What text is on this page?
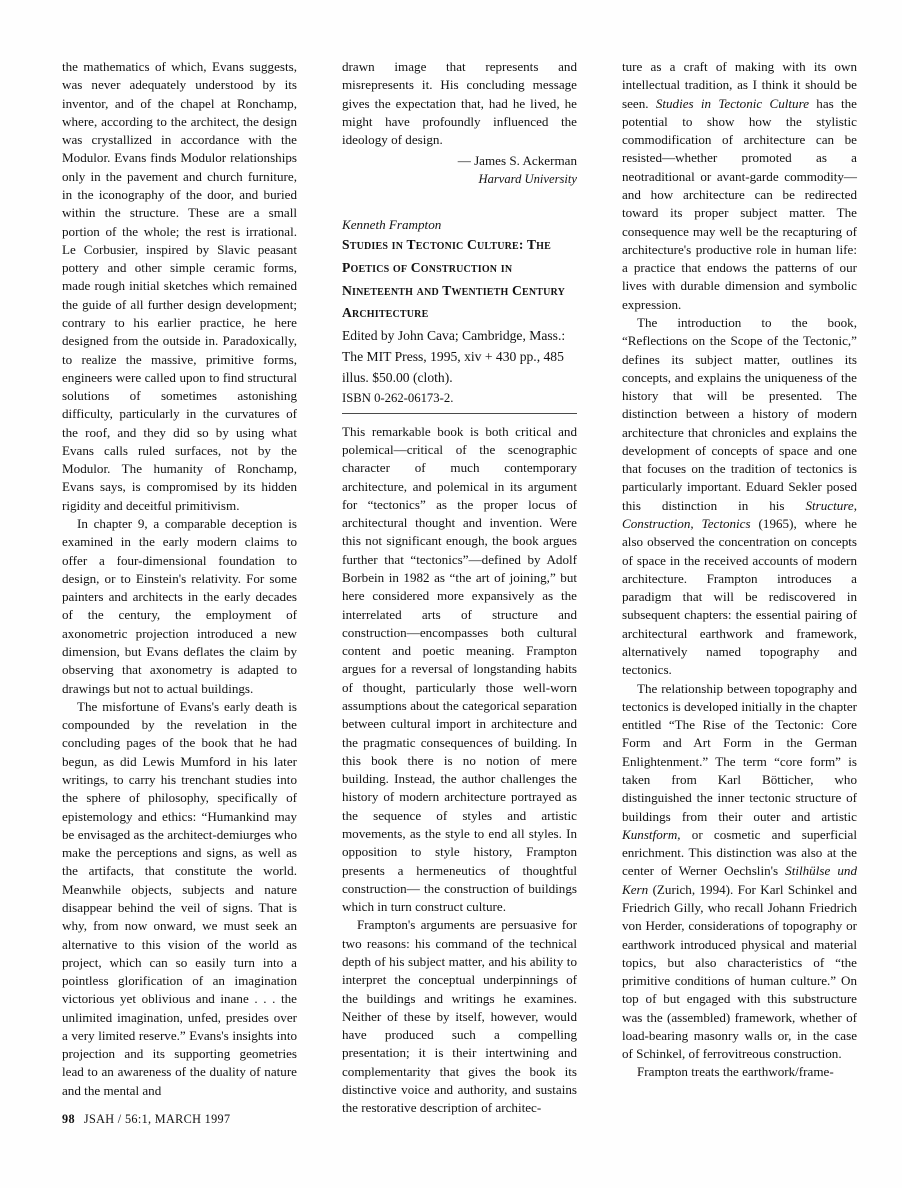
the mathematics of which, Evans suggests, was never adequately understood by its inventor, and of the chapel at Ronchamp, where, according to the architect, the design was crystallized in accordance with the Modulor. Evans finds Modulor relationships only in the pavement and church furniture, in the iconography of the door, and buried within the structure. These are a small portion of the whole; the rest is irrational. Le Corbusier, inspired by Slavic peasant pottery and other simple ceramic forms, made rough initial sketches which remained the guide of all further design development; contrary to his earlier practice, he here designed from the outside in. Paradoxically, to realize the massive, primitive forms, engineers were called upon to find structural solutions of sometimes astonishing difficulty, particularly in the curvatures of the roof, and they did so by using what Evans calls ruled surfaces, not by the Modulor. The humanity of Ronchamp, Evans says, is compromised by its hidden rigidity and deceitful primitivism.

In chapter 9, a comparable deception is examined in the early modern claims to offer a four-dimensional foundation to design, or to Einstein's relativity. For some painters and architects in the early decades of the century, the employment of axonometric projection introduced a new dimension, but Evans deflates the claim by observing that axonometry is adapted to drawings but not to actual buildings.

The misfortune of Evans's early death is compounded by the revelation in the concluding pages of the book that he had begun, as did Lewis Mumford in his later writings, to carry his trenchant studies into the sphere of philosophy, specifically of epistemology and ethics: “Humankind may be envisaged as the architect-demiurges who make the perceptions and signs, as well as the artifacts, that constitute the world. Meanwhile objects, subjects and nature disappear behind the veil of signs. That is why, from now onward, we must seek an alternative to this vision of the world as project, which can so easily turn into a pointless glorification of an imagination victorious yet oblivious and inane . . . the unlimited imagination, unfed, presides over a very limited reserve.” Evans's insights into projection and its supporting geometries lead to an awareness of the duality of nature and the mental and

drawn image that represents and misrepresents it. His concluding message gives the expectation that, had he lived, he might have profoundly influenced the ideology of design.

— James S. Ackerman
Harvard University
Kenneth Frampton
Studies in Tectonic Culture: The Poetics of Construction in Nineteenth and Twentieth Century Architecture
Edited by John Cava; Cambridge, Mass.: The MIT Press, 1995, xiv + 430 pp., 485 illus. $50.00 (cloth).
ISBN 0-262-06173-2.

This remarkable book is both critical and polemical—critical of the scenographic character of much contemporary architecture, and polemical in its argument for “tectonics” as the proper locus of architectural thought and invention. Were this not significant enough, the book argues further that “tectonics”—defined by Adolf Borbein in 1982 as “the art of joining,” but here considered more expansively as the interrelated arts of structure and construction—encompasses both cultural content and poetic meaning. Frampton argues for a reversal of longstanding habits of thought, particularly those well-worn assumptions about the categorical separation between cultural import in architecture and the pragmatic consequences of building. In this book there is no notion of mere building. Instead, the author challenges the history of modern architecture portrayed as the sequence of styles and artistic movements, as the style to end all styles. In opposition to style history, Frampton presents a hermeneutics of thoughtful construction— the construction of buildings which in turn construct culture.

Frampton's arguments are persuasive for two reasons: his command of the technical depth of his subject matter, and his ability to interpret the conceptual underpinnings of the buildings and writings he examines. Neither of these by itself, however, would have produced such a compelling presentation; it is their intertwining and complementarity that gives the book its distinctive voice and authority, and sustains the restorative description of architec-

ture as a craft of making with its own intellectual tradition, as I think it should be seen. Studies in Tectonic Culture has the potential to show how the stylistic commodification of architecture can be resisted—whether promoted as a neotraditional or avant-garde commodity—and how architecture can be redirected toward its proper subject matter. The consequence may well be the recapturing of architecture's productive role in human life: a practice that endows the patterns of our lives with durable dimension and symbolic expression.

The introduction to the book, “Reflections on the Scope of the Tectonic,” defines its subject matter, outlines its concepts, and explains the uniqueness of the history that will be presented. The distinction between a history of modern architecture that chronicles and explains the development of concepts of space and one that focuses on the tradition of tectonics is particularly important. Eduard Sekler posed this distinction in his Structure, Construction, Tectonics (1965), where he also observed the concentration on concepts of space in the received accounts of modern architecture. Frampton introduces a paradigm that will be rediscovered in subsequent chapters: the essential pairing of architectural earthwork and framework, alternatively named topography and tectonics.

The relationship between topography and tectonics is developed initially in the chapter entitled “The Rise of the Tectonic: Core Form and Art Form in the German Enlightenment.” The term “core form” is taken from Karl Bötticher, who distinguished the inner tectonic structure of buildings from their outer and artistic Kunstform, or cosmetic and superficial enrichment. This distinction was also at the center of Werner Oechslin's Stilhülse und Kern (Zurich, 1994). For Karl Schinkel and Friedrich Gilly, who recall Johann Friedrich von Herder, considerations of topography or earthwork introduced physical and material topics, but also characteristics of “the primitive conditions of human culture.” On top of but engaged with this substructure was the (assembled) framework, whether of load-bearing masonry walls or, in the case of Schinkel, of ferrovitreous construction.

Frampton treats the earthwork/frame-

98 JSAH / 56:1, MARCH 1997
